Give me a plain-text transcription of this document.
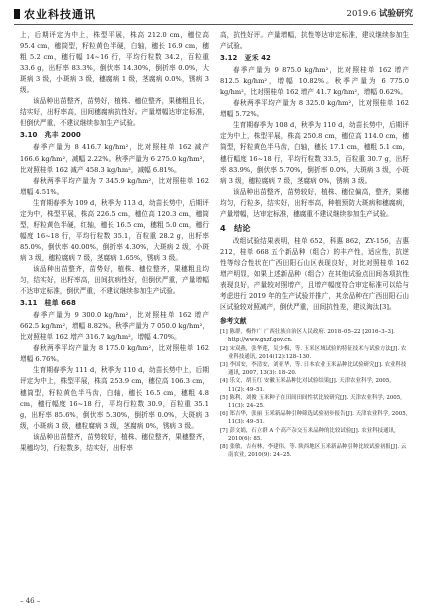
农业科技通讯	2019.6 试验研究

上，后期评定为中上，株型平展，株高 212.0 cm，穗位高 95.4 cm，穗筒型，籽粒黄色半硬，白轴，穗长 16.9 cm，穗粗 5.2 cm，穗行幅 14~16 行，平均行粒数 34.2，百粒重 33.6 g，出籽率 83.3%，倒伏率 14.30%，倒折率 0.0%，大斑病 3 级，小斑病 3 级，穗腐病 1 级，茎腐病 0.0%，锈病 3 级。

该品种出苗整齐，苗势好，植株、穗位整齐，果穗粗且长，结实好，出籽率高，田间穗腐病抗性好。产量增幅达审定标准，但倒伏严重，不建议继续参加生产试验。

3.10　兆丰 2000

春季产量为 8 416.7 kg/hm²，比对照桂单 162 减产 166.6 kg/hm²，减幅 2.22%。秋季产量为 6 275.0 kg/hm²，比对照桂单 162 减产 458.3 kg/hm²，减幅 6.81%。

春秋两季平均产量为 7 345.9 kg/hm²，比对照桂单 162 增幅 4.51%。

生育期春季为 109 d，秋季为 113 d，幼苗长势中，后期评定为中，株型平展，株高 226.5 cm，穗位高 120.3 cm，穗筒型，籽粒黄色半硬，红轴，穗长 16.5 cm，穗粗 5.0 cm，穗行幅度 16~18 行，平均行粒数 35.1，百粒重 28.2 g，出籽率 85.0%，倒伏率 40.00%，倒折率 4.30%，大斑病 2 级，小斑病 3 级，穗粒腐病 7 级，茎腐病 1.65%，锈病 3 级。

该品种出苗整齐，苗势好，植株、穗位整齐，果穗粗且均匀，结实好，出籽率高，田间抗病性好，但倒伏严重，产量增幅不达审定标准，倒伏严重，不建议继续参加生产试验。

3.11　桂单 668

春季产量为 9 300.0 kg/hm²，比对照桂单 162 增产 662.5 kg/hm²，增幅 8.82%。秋季产量为 7 050.0 kg/hm²，比对照桂单 162 增产 316.7 kg/hm²，增幅 4.70%。

春秋两季平均产量为 8 175.0 kg/hm²，比对照桂单 162 增幅 6.76%。

生育期春季为 111 d，秋季为 110 d，幼苗长势中上，后期评定为中上，株型平展，株高 253.9 cm，穗位高 106.3 cm，穗筒型，籽粒黄色半马齿，白轴，穗长 16.5 cm，穗粗 4.8 cm，穗行幅度 16~18 行，平均行粒数 30.9，百粒重 35.1 g，出籽率 85.6%，倒伏率 5.30%，倒折率 0.0%，大斑病 3 级，小斑病 3 级，穗粒腐病 3 级，茎腐病 0%，锈病 3 级。

该品种出苗整齐，苗势较好，植株、穗位整齐，果穗整齐，果穗均匀，行粒数多，结实好，出籽率

高，抗性好评。产量增幅，抗性等达审定标准，建议继续参加生产试验。

3.12　亚禾 42

春季产量为 9 875.0 kg/hm²，比对照桂单 162 增产 812.5 kg/hm²，增幅 10.82%。秋季产量为 6 775.0 kg/hm²，比对照桂单 162 增产 41.7 kg/hm²，增幅 0.62%。

春秋两季平均产量为 8 325.0 kg/hm²，比对照桂单 162 增幅 5.72%。

生育期春季为 108 d，秋季为 110 d，幼苗长势中，后期评定为中上，株型平展，株高 250.8 cm，穗位高 114.0 cm，穗筒型，籽粒黄色半马齿，白轴，穗长 17.1 cm，穗粗 5.1 cm，穗行幅度 16~18 行，平均行粒数 33.5，百粒重 30.7 g，出籽率 83.9%，倒伏率 5.70%，倒折率 0.0%，大斑病 3 级，小斑病 3 级，穗粒腐病 7 级，茎腐病 0%，锈病 3 级。

该品种出苗整齐，苗势较好，植株、穗位偏高，整齐，果穗均匀，行粒多，结实好，出籽率高，种植预防大斑病和穗腐病，产量增幅，达审定标准，穗腐重不建议继续参加生产试验。

4　结论

改组试验结果表明，桂单 652，科惠 862，ZY-156，吉惠 212，桂单 668 五个新品种（组合）的丰产性，适应性，抗逆性等综合性状在广西田阳石山区表现良好，对比对照桂单 162 增产明显，如果上述新品种（组合）在其他试验点田间各项抗性表现良好，产量较对照增产，且增产幅度符合审定标准可以给与考虑进行 2019 年的生产试验并推广，其余品种在广西田阳石山区试验较对照减产，倒伏严重，田间抗性差，建议淘汰[3]。

参考文献

[1] 陈群，梅作广 广西壮族自治区人民政府. 2018–05–22 [2016–3–3]. http://www.gxzf.gov.cn.

[2] 宋双燕，张华莲，吴少梅，等. 玉米区域试验的特征技术与试验方法[J]. 农业科技通讯, 2014(12):128–130.

[3] 李国安，李清安，刘亚华，等. 日本农业玉米品种比试验研究[J]. 农业科技通讯, 2007, 13(3): 18–20.

[4] 乐文，胡玉红 安徽玉米品种比对试验结果[J]. 天津农业科学, 2005, 11(2): 49–51.

[5] 陈利，刘俊 玉米种子在田间田间性状比较研究[J]. 天津农业科学, 2005, 11(3): 24–25.

[6] 郑吉华，张丽 玉米新品种引种筛选试验初步报告[J]. 天津农业科学, 2005, 11(3): 49–51.

[7] 彭文娟，石立群 A 个高产杂交玉米品种的比较试验[J]. 农业科技通讯, 2010(6): 85.

[8] 张敏，吉有林，李建伟，等. 陕西地区玉米新品种引种比较试验初报[J]. 云南农业, 2010(9): 24–25.

– 46 –
